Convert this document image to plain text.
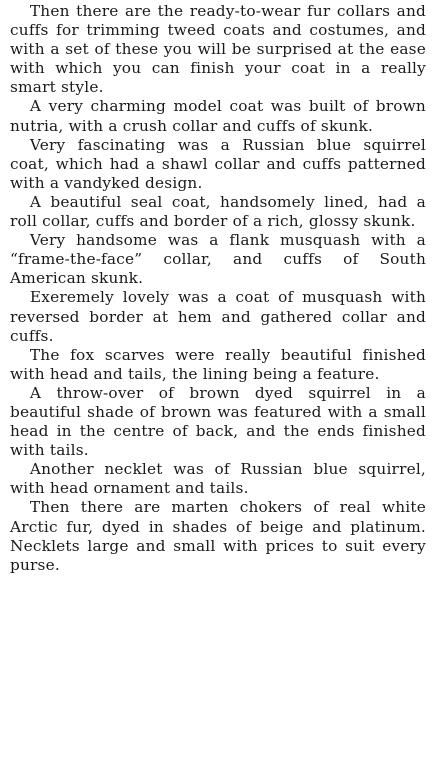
Then there are the ready-to-wear fur collars and cuffs for trimming tweed coats and costumes, and with a set of these you will be surprised at the ease with which you can finish your coat in a really smart style.

A very charming model coat was built of brown nutria, with a crush collar and cuffs of skunk.

Very fascinating was a Russian blue squirrel coat, which had a shawl collar and cuffs patterned with a vandyked design.

A beautiful seal coat, handsomely lined, had a roll collar, cuffs and border of a rich, glossy skunk.

Very handsome was a flank musquash with a “frame-the-face” collar, and cuffs of South American skunk.

Exeremely lovely was a coat of musquash with reversed border at hem and gathered collar and cuffs.

The fox scarves were really beautiful finished with head and tails, the lining being a feature.

A throw-over of brown dyed squirrel in a beautiful shade of brown was featured with a small head in the centre of back, and the ends finished with tails.

Another necklet was of Russian blue squirrel, with head ornament and tails.

Then there are marten chokers of real white Arctic fur, dyed in shades of beige and platinum. Necklets large and small with prices to suit every purse.
